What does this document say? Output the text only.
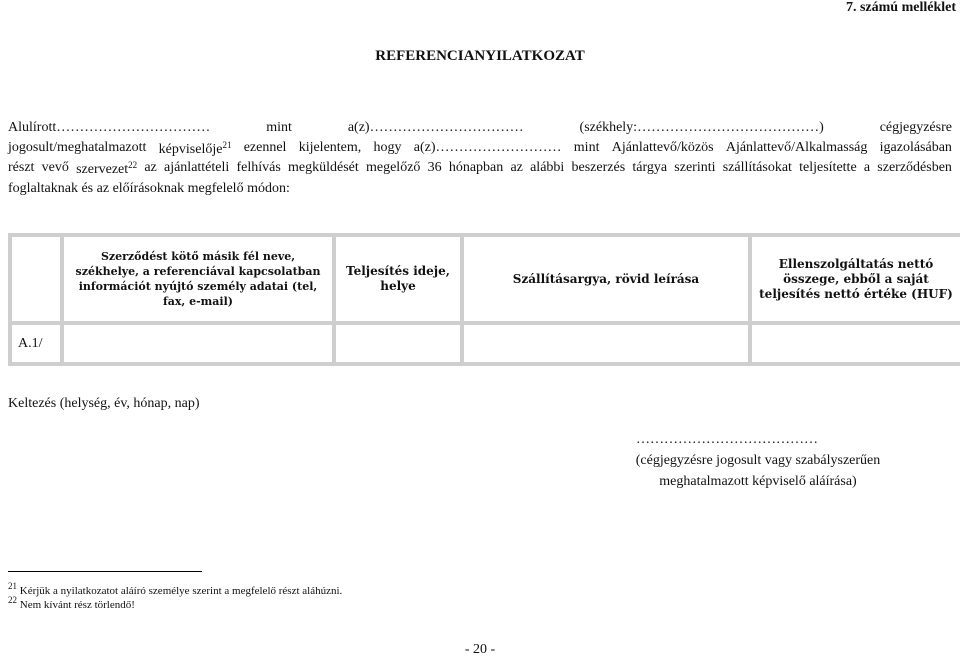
7. számú melléklet
REFERENCIANYILATKOZAT
Alulírott……………………………	mint	a(z)……………………………	(székhely:…………………………………)	cégjegyzésre
jogosult/meghatalmazott képviselője$^{21}$ ezennel kijelentem, hogy a(z)……………………… mint Ajánlattevő/közös Ajánlattevő/Alkalmasság igazolásában
részt vevő szervezet$^{22}$ az ajánlattételi felhívás megküldését megelőző 36 hónapban az alábbi beszerzés tárgya szerinti szállításokat teljesítette a szerződésben
foglaltaknak és az előírásoknak megfelelő módon:
	Szerződést kötő másik fél neve, székhelye, a referenciával kapcsolatban információt nyújtó személy adatai (tel, fax, e-mail)	Teljesítés ideje, helye	Szállításargya, rövid leírása	Ellenszolgáltatás nettó összege, ebből a saját teljesítés nettó értéke (HUF)
A.1/				
Keltezés (helység, év, hónap, nap)
…………………………………
(cégjegyzésre jogosult vagy szabályszerűen
meghatalmazott képviselő aláírása)
$^{21}$ Kérjük a nyilatkozatot aláíró személye szerint a megfelelő részt aláhúzni.
$^{22}$ Nem kívánt rész törlendő!
- 20 -
